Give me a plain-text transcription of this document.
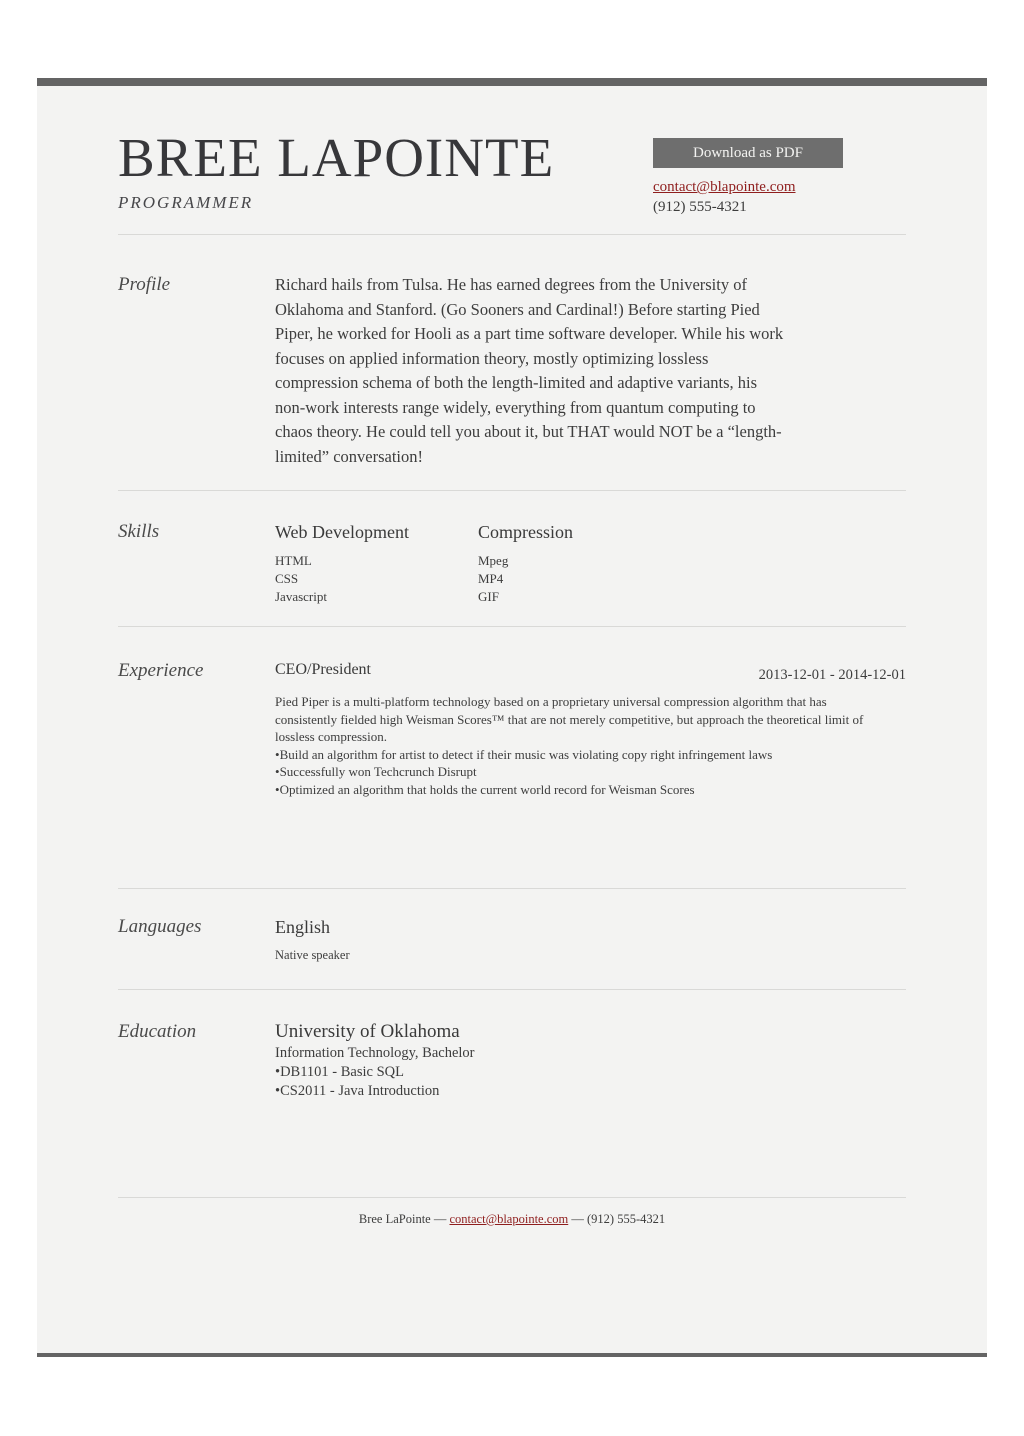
BREE LAPOINTE
PROGRAMMER
Download as PDF
contact@blapointe.com
(912) 555-4321
Profile	Richard hails from Tulsa. He has earned degrees from the University of Oklahoma and Stanford. (Go Sooners and Cardinal!) Before starting Pied Piper, he worked for Hooli as a part time software developer. While his work focuses on applied information theory, mostly optimizing lossless compression schema of both the length-limited and adaptive variants, his non-work interests range widely, everything from quantum computing to chaos theory. He could tell you about it, but THAT would NOT be a “length-limited” conversation!

Skills	Web Development
HTML
CSS
Javascript
Compression
Mpeg
MP4
GIF
Experience	CEO/President	2013-12-01 - 2014-12-01

Pied Piper is a multi-platform technology based on a proprietary universal compression algorithm that has consistently fielded high Weisman Scores™ that are not merely competitive, but approach the theoretical limit of lossless compression.

• Build an algorithm for artist to detect if their music was violating copy right infringement laws
• Successfully won Techcrunch Disrupt
• Optimized an algorithm that holds the current world record for Weisman Scores
Languages	English
Native speaker
Education	University of Oklahoma
Information Technology, Bachelor
• DB1101 - Basic SQL
• CS2011 - Java Introduction
Bree LaPointe — contact@blapointe.com — (912) 555-4321
